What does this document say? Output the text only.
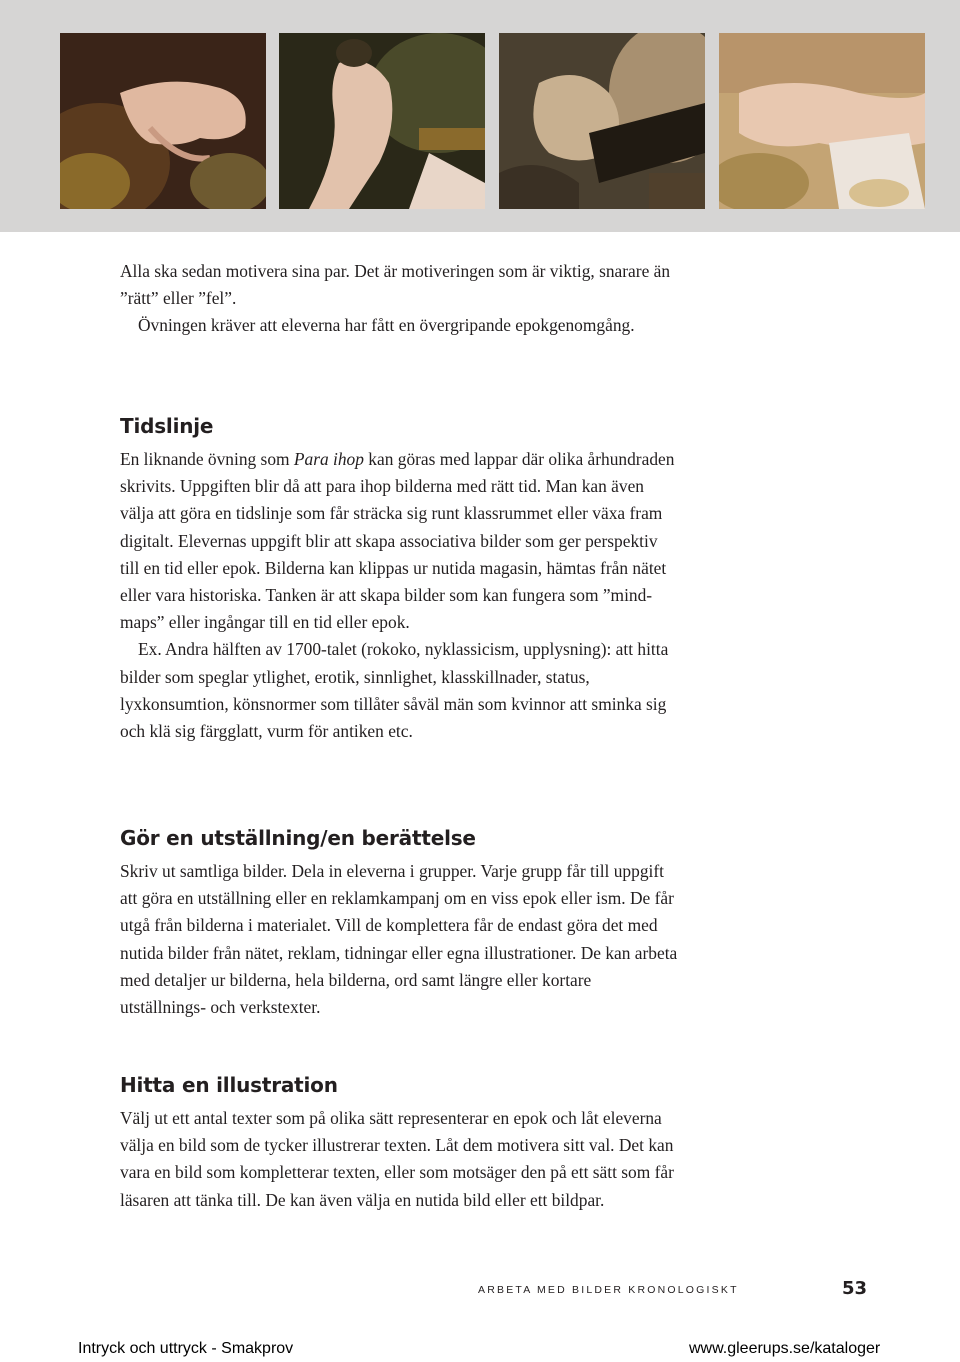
Alla ska sedan motivera sina par. Det är motiveringen som är viktig, snarare än ”rätt” eller ”fel”.

Övningen kräver att eleverna har fått en övergripande epokgenomgång.

Tidslinje

En liknande övning som Para ihop kan göras med lappar där olika århundraden skrivits. Uppgiften blir då att para ihop bilderna med rätt tid. Man kan även välja att göra en tidslinje som får sträcka sig runt klassrummet eller växa fram digitalt. Elevernas uppgift blir att skapa associativa bilder som ger perspektiv till en tid eller epok. Bilderna kan klippas ur nutida magasin, hämtas från nätet eller vara historiska. Tanken är att skapa bilder som kan fungera som ”mind-maps” eller ingångar till en tid eller epok.

Ex. Andra hälften av 1700-talet (rokoko, nyklassicism, upplysning): att hitta bilder som speglar ytlighet, erotik, sinnlighet, klasskillnader, status, lyxkonsumtion, könsnormer som tillåter såväl män som kvinnor att sminka sig och klä sig färgglatt, vurm för antiken etc.

Gör en utställning/en berättelse

Skriv ut samtliga bilder. Dela in eleverna i grupper. Varje grupp får till uppgift att göra en utställning eller en reklamkampanj om en viss epok eller ism. De får utgå från bilderna i materialet. Vill de komplettera får de endast göra det med nutida bilder från nätet, reklam, tidningar eller egna illustrationer. De kan arbeta med detaljer ur bilderna, hela bilderna, ord samt längre eller kortare utställnings- och verkstexter.

Hitta en illustration

Välj ut ett antal texter som på olika sätt representerar en epok och låt eleverna välja en bild som de tycker illustrerar texten. Låt dem motivera sitt val. Det kan vara en bild som kompletterar texten, eller som motsäger den på ett sätt som får läsaren att tänka till. De kan även välja en nutida bild eller ett bildpar.

ARBETA MED BILDER KRONOLOGISKT	53
Intryck och uttryck - Smakprov	www.gleerups.se/kataloger
